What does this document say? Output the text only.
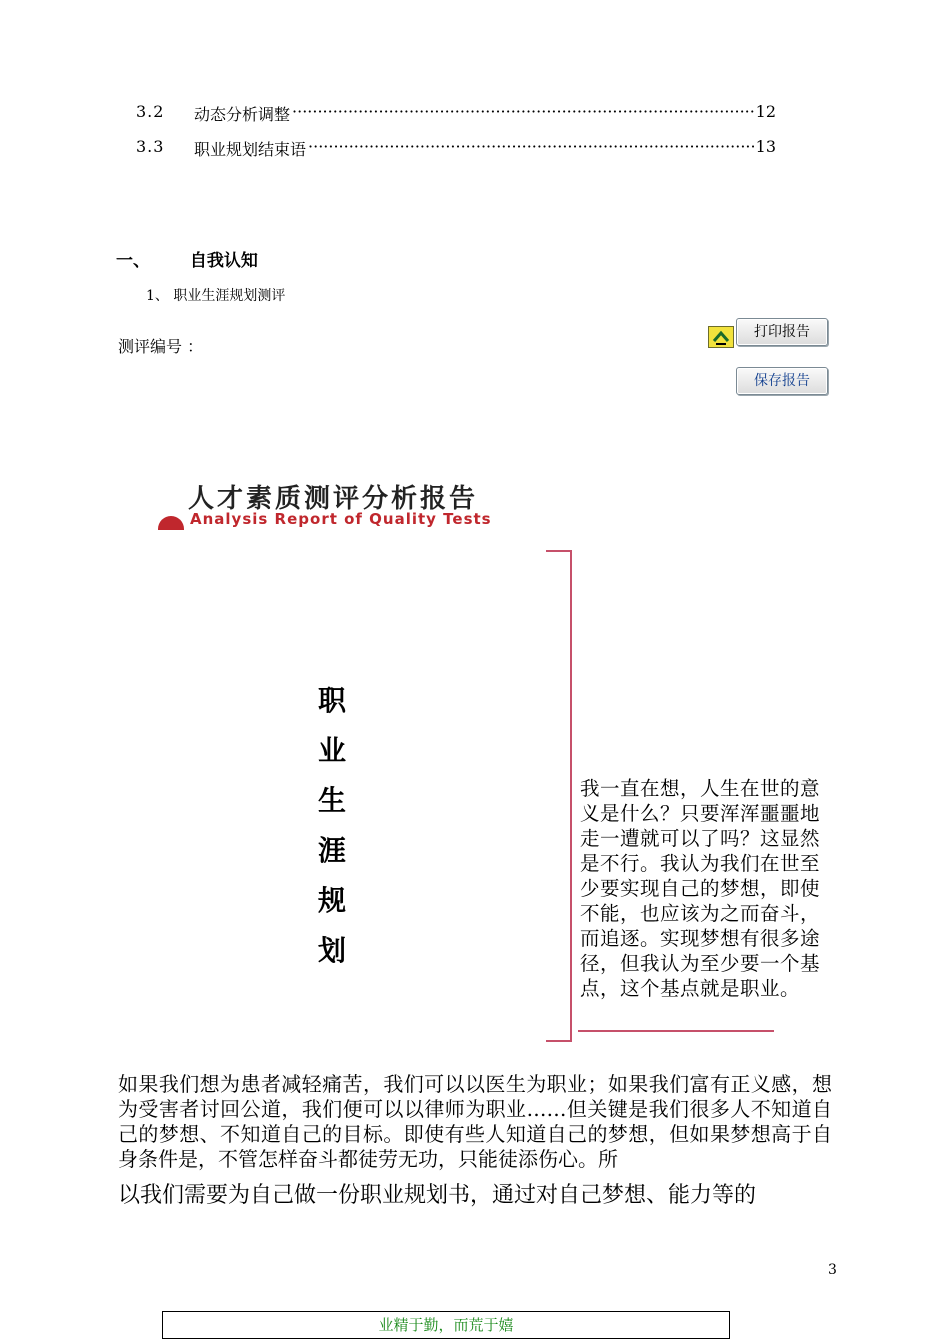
3.2	动态分析调整 ·····	12
3.3	职业规划结束语 ·····	13
一、 自我认知
1、 职业生涯规划测评
测评编号 ：
打印报告
保存报告
人才素质测评分析报告
Analysis Report of Quality Tests
职
业
生
涯
规
划
我一直在想，人生在世的意义是什么？只要浑浑噩噩地走一遭就可以了吗？这显然是不行。我认为我们在世至少要实现自己的梦想，即使不能，也应该为之而奋斗，而追逐。实现梦想有很多途径，但我认为至少要一个基点，这个基点就是职业。
如果我们想为患者减轻痛苦，我们可以以医生为职业；如果我们富有正义感，想为受害者讨回公道，我们便可以以律师为职业……但关键是我们很多人不知道自己的梦想、不知道自己的目标。即使有些人知道自己的梦想，但如果梦想高于自身条件是，不管怎样奋斗都徒劳无功，只能徒添伤心。所
以我们需要为自己做一份职业规划书，通过对自己梦想、能力等的
3
业精于勤，而荒于嬉
